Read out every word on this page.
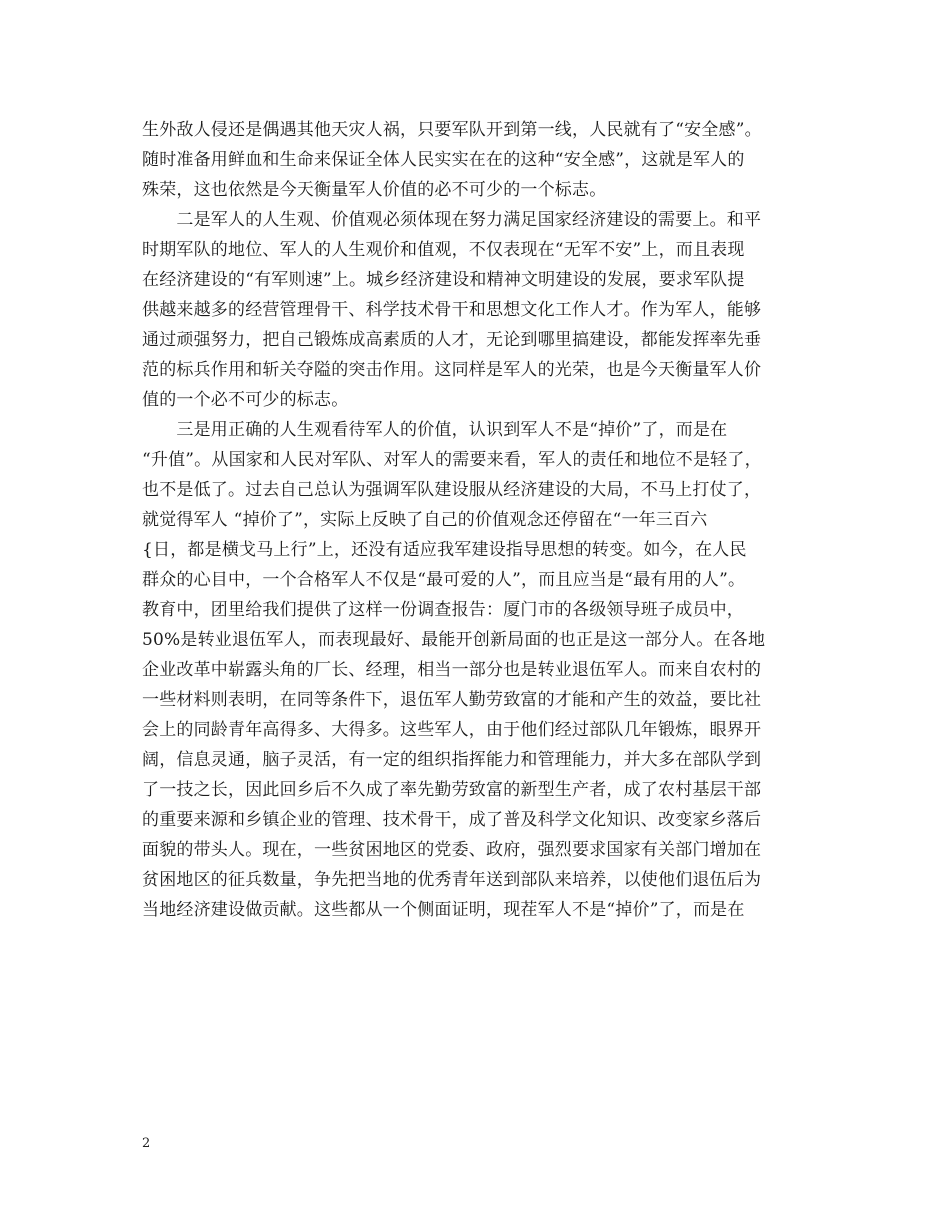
生外敌人侵还是偶遇其他天灾人祸，只要军队开到第一线，人民就有了“安全感”。
随时准备用鲜血和生命来保证全体人民实实在在的这种“安全感”，这就是军人的
殊荣，这也依然是今天衡量军人价值的必不可少的一个标志。
　　二是军人的人生观、价值观必须体现在努力满足国家经济建设的需要上。和平
时期军队的地位、军人的人生观价和值观，不仅表现在“无军不安”上，而且表现
在经济建设的“有军则速”上。城乡经济建设和精神文明建设的发展，要求军队提
供越来越多的经营管理骨干、科学技术骨干和思想文化工作人才。作为军人，能够
通过顽强努力，把自己锻炼成高素质的人才，无论到哪里搞建设，都能发挥率先垂
范的标兵作用和斩关夺隘的突击作用。这同样是军人的光荣，也是今天衡量军人价
值的一个必不可少的标志。
　　三是用正确的人生观看待军人的价值，认识到军人不是“掉价”了，而是在
“升值”。从国家和人民对军队、对军人的需要来看，军人的责任和地位不是轻了，
也不是低了。过去自己总认为强调军队建设服从经济建设的大局，不马上打仗了，
就觉得军人 “掉价了”，实际上反映了自己的价值观念还停留在“一年三百六
{日，都是横戈马上行”上，还没有适应我军建设指导思想的转变。如今，在人民
群众的心目中，一个合格军人不仅是“最可爱的人”，而且应当是“最有用的人”。
教育中，团里给我们提供了这样一份调查报告：厦门市的各级领导班子成员中，
50%是转业退伍军人，而表现最好、最能开创新局面的也正是这一部分人。在各地
企业改革中崭露头角的厂长、经理，相当一部分也是转业退伍军人。而来自农村的
一些材料则表明，在同等条件下，退伍军人勤劳致富的才能和产生的效益，要比社
会上的同龄青年高得多、大得多。这些军人，由于他们经过部队几年锻炼，眼界开
阔，信息灵通，脑子灵活，有一定的组织指挥能力和管理能力，并大多在部队学到
了一技之长，因此回乡后不久成了率先勤劳致富的新型生产者，成了农村基层干部
的重要来源和乡镇企业的管理、技术骨干，成了普及科学文化知识、改变家乡落后
面貌的带头人。现在，一些贫困地区的党委、政府，强烈要求国家有关部门增加在
贫困地区的征兵数量，争先把当地的优秀青年送到部队来培养，以使他们退伍后为
当地经济建设做贡献。这些都从一个侧面证明，现茬军人不是“掉价”了，而是在
2
